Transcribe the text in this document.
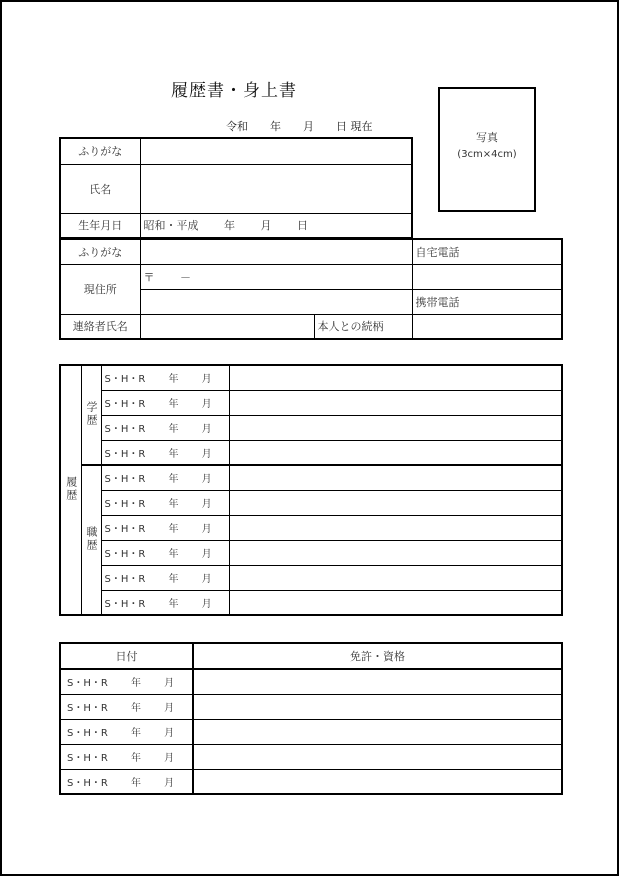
履歴書・身上書
令和　　年　　月　　日 現在
写真
(3cm×4cm)
ふりがな	
氏名	
生年月日	昭和・平成　　 年　　 月　　 日
ふりがな			自宅電話
現住所	〒　　 －		
			携帯電話
連絡者氏名		本人との続柄	
履歴	学歴	S・H・R　　 年　　 月	
		S・H・R　　 年　　 月	
		S・H・R　　 年　　 月	
		S・H・R　　 年　　 月	
	職歴	S・H・R　　 年　　 月	
		S・H・R　　 年　　 月	
		S・H・R　　 年　　 月	
		S・H・R　　 年　　 月	
		S・H・R　　 年　　 月	
		S・H・R　　 年　　 月	
日付	免許・資格
S・H・R　　 年　　 月	
S・H・R　　 年　　 月	
S・H・R　　 年　　 月	
S・H・R　　 年　　 月	
S・H・R　　 年　　 月	
